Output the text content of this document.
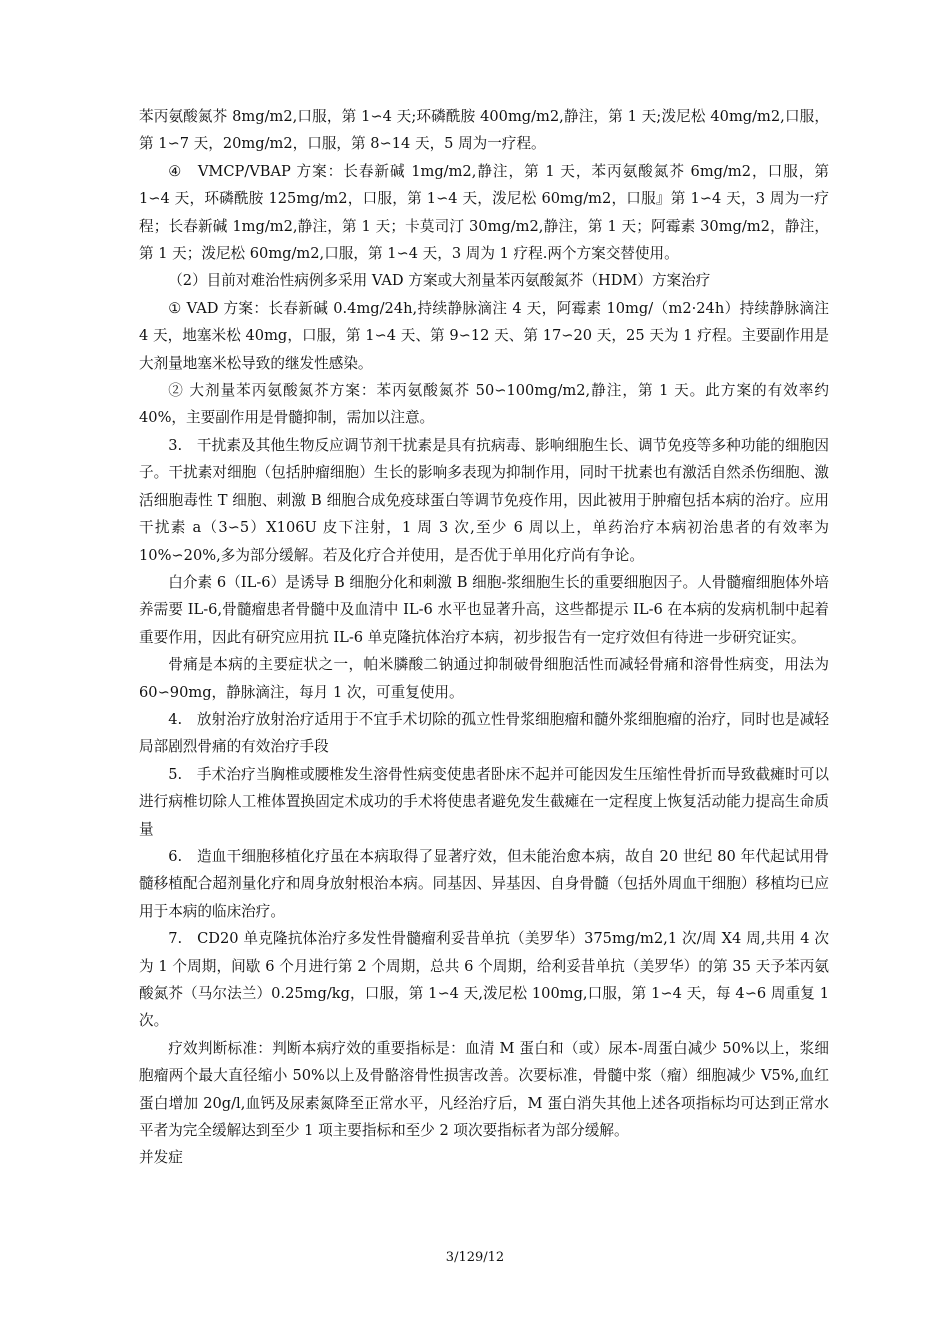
苯丙氨酸氮芥 8mg/m2,口服，第 1∽4 天;环磷酰胺 400mg/m2,静注，第 1 天;泼尼松 40mg/m2,口服，第 1∽7 天，20mg/m2，口服，第 8∽14 天，5 周为一疗程。

④　VMCP/VBAP 方案：长春新碱 1mg/m2,静注，第 1 天，苯丙氨酸氮芥 6mg/m2，口服，第 1∽4 天，环磷酰胺 125mg/m2，口服，第 1∽4 天，泼尼松 60mg/m2，口服』第 1∽4 天，3 周为一疗程；长春新碱 1mg/m2,静注，第 1 天；卡莫司汀 30mg/m2,静注，第 1 天；阿霉素 30mg/m2，静注，第 1 天；泼尼松 60mg/m2,口服，第 1∽4 天，3 周为 1 疗程.两个方案交替使用。

（2）目前对难治性病例多采用 VAD 方案或大剂量苯丙氨酸氮芥（HDM）方案治疗

① VAD 方案：长春新碱 0.4mg/24h,持续静脉滴注 4 天，阿霉素 10mg/（m2·24h）持续静脉滴注 4 天，地塞米松 40mg，口服，第 1∽4 天、第 9∽12 天、第 17∽20 天，25 天为 1 疗程。主要副作用是大剂量地塞米松导致的继发性感染。

② 大剂量苯丙氨酸氮芥方案：苯丙氨酸氮芥 50∽100mg/m2,静注，第 1 天。此方案的有效率约 40%，主要副作用是骨髓抑制，需加以注意。

3.　干扰素及其他生物反应调节剂干扰素是具有抗病毒、影响细胞生长、调节免疫等多种功能的细胞因子。干扰素对细胞（包括肿瘤细胞）生长的影响多表现为抑制作用，同时干扰素也有激活自然杀伤细胞、激活细胞毒性 T 细胞、刺激 B 细胞合成免疫球蛋白等调节免疫作用，因此被用于肿瘤包括本病的治疗。应用干扰素 a（3∽5）X106U 皮下注射，1 周 3 次,至少 6 周以上，单药治疗本病初治患者的有效率为 10%∽20%,多为部分缓解。若及化疗合并使用，是否优于单用化疗尚有争论。

白介素 6（IL-6）是诱导 B 细胞分化和刺激 B 细胞-浆细胞生长的重要细胞因子。人骨髓瘤细胞体外培养需要 IL-6,骨髓瘤患者骨髓中及血清中 IL-6 水平也显著升高，这些都提示 IL-6 在本病的发病机制中起着重要作用，因此有研究应用抗 IL-6 单克隆抗体治疗本病，初步报告有一定疗效但有待进一步研究证实。

骨痛是本病的主要症状之一，帕米膦酸二钠通过抑制破骨细胞活性而减轻骨痛和溶骨性病变，用法为 60∽90mg，静脉滴注，每月 1 次，可重复使用。

4.　放射治疗放射治疗适用于不宜手术切除的孤立性骨浆细胞瘤和髓外浆细胞瘤的治疗，同时也是减轻局部剧烈骨痛的有效治疗手段

5.　手术治疗当胸椎或腰椎发生溶骨性病变使患者卧床不起并可能因发生压缩性骨折而导致截瘫时可以进行病椎切除人工椎体置换固定术成功的手术将使患者避免发生截瘫在一定程度上恢复活动能力提高生命质量

6.　造血干细胞移植化疗虽在本病取得了显著疗效，但未能治愈本病，故自 20 世纪 80 年代起试用骨髓移植配合超剂量化疗和周身放射根治本病。同基因、异基因、自身骨髓（包括外周血干细胞）移植均已应用于本病的临床治疗。

7.　CD20 单克隆抗体治疗多发性骨髓瘤利妥昔单抗（美罗华）375mg/m2,1 次/周 X4 周,共用 4 次为 1 个周期，间歇 6 个月进行第 2 个周期，总共 6 个周期，给利妥昔单抗（美罗华）的第 35 天予苯丙氨酸氮芥（马尔法兰）0.25mg/kg，口服，第 1∽4 天,泼尼松 100mg,口服，第 1∽4 天，每 4∽6 周重复 1 次。

疗效判断标准：判断本病疗效的重要指标是：血清 M 蛋白和（或）尿本-周蛋白减少 50%以上，浆细胞瘤两个最大直径缩小 50%以上及骨骼溶骨性损害改善。次要标准，骨髓中浆（瘤）细胞减少 V5%,血红蛋白增加 20g/l,血钙及尿素氮降至正常水平，凡经治疗后，M 蛋白消失其他上述各项指标均可达到正常水平者为完全缓解达到至少 1 项主要指标和至少 2 项次要指标者为部分缓解。

并发症

3/129/12
